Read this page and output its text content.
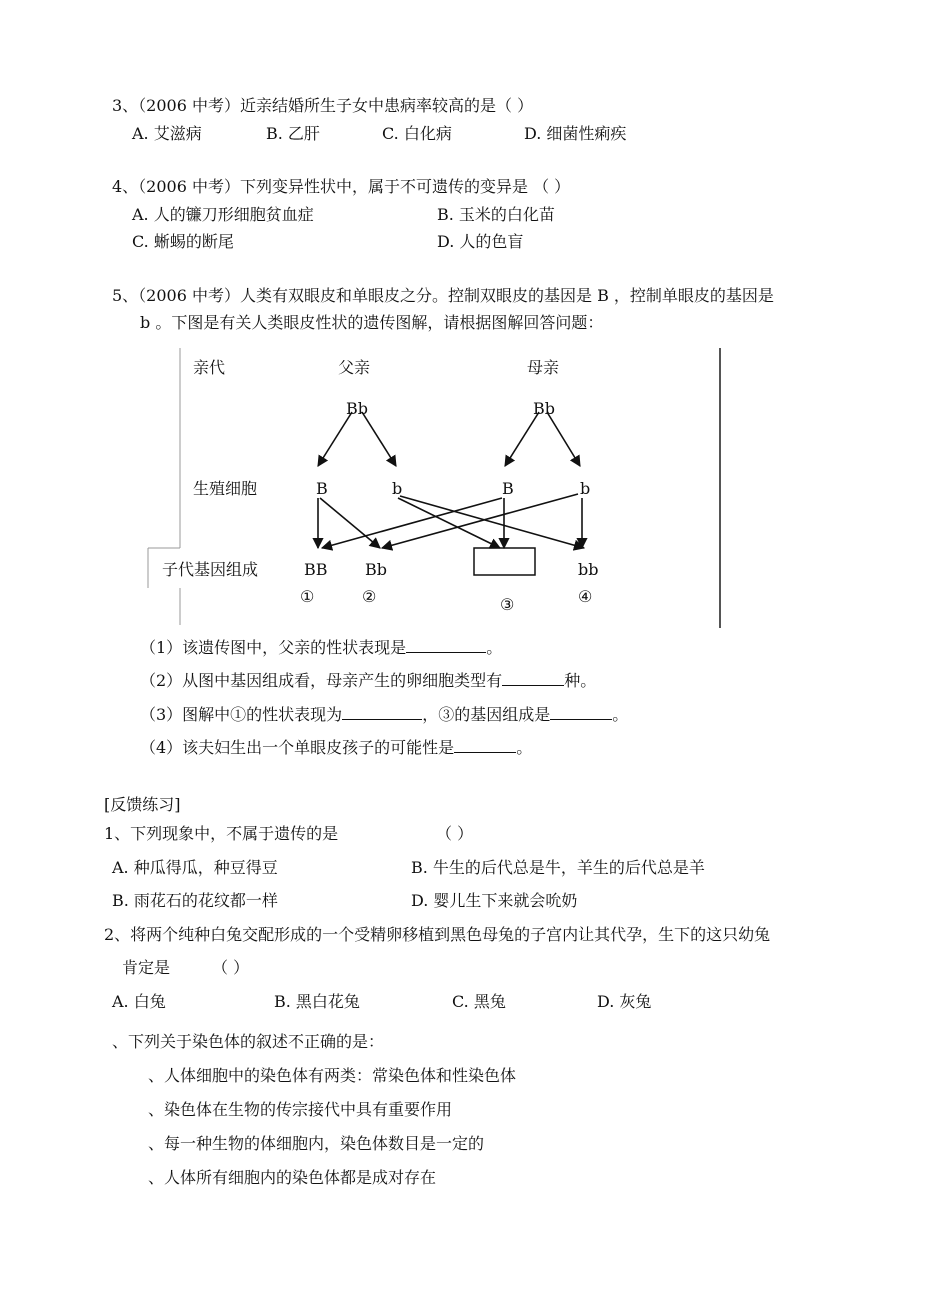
3、（2006 中考）近亲结婚所生子女中患病率较高的是（ ）
A. 艾滋病	B. 乙肝	C. 白化病	D. 细菌性痢疾
4、（2006 中考）下列变异性状中，属于不可遗传的变异是 （ ）
A. 人的镰刀形细胞贫血症	B. 玉米的白化苗
C. 蜥蜴的断尾	D. 人的色盲
5、（2006 中考）人类有双眼皮和单眼皮之分。控制双眼皮的基因是 B ，控制单眼皮的基因是
b 。下图是有关人类眼皮性状的遗传图解，请根据图解回答问题：
亲代	父亲	母亲
Bb	Bb
生殖细胞	B	b	B	b
子代基因组成	BB Bb	bb
①	②	③	④
（1）该遗传图中，父亲的性状表现是	。
（2）从图中基因组成看，母亲产生的卵细胞类型有	种。
（3）图解中①的性状表现为	，③的基因组成是	。
（4）该夫妇生出一个单眼皮孩子的可能性是	。
[反馈练习]
1、下列现象中，不属于遗传的是	（ ）
A. 种瓜得瓜，种豆得豆	B. 牛生的后代总是牛，羊生的后代总是羊
B. 雨花石的花纹都一样	D. 婴儿生下来就会吮奶
2、将两个纯种白兔交配形成的一个受精卵移植到黑色母兔的子宫内让其代孕，生下的这只幼兔
肯定是	（ ）
A. 白兔	B. 黑白花兔	C. 黑兔	D. 灰兔
、下列关于染色体的叙述不正确的是：
、人体细胞中的染色体有两类：常染色体和性染色体
、染色体在生物的传宗接代中具有重要作用
、每一种生物的体细胞内，染色体数目是一定的
、人体所有细胞内的染色体都是成对存在
